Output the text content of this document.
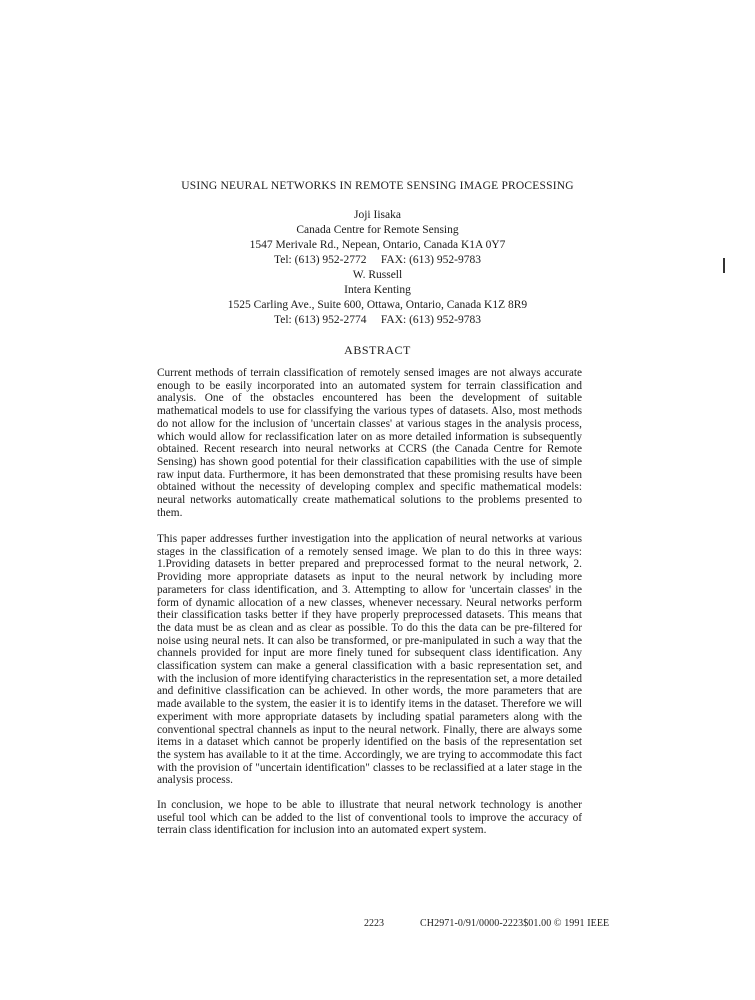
USING NEURAL NETWORKS IN REMOTE SENSING IMAGE PROCESSING
Joji Iisaka
Canada Centre for Remote Sensing
1547 Merivale Rd., Nepean, Ontario, Canada K1A 0Y7
Tel: (613) 952-2772     FAX: (613) 952-9783
W. Russell
Intera Kenting
1525 Carling Ave., Suite 600, Ottawa, Ontario, Canada K1Z 8R9
Tel: (613) 952-2774     FAX: (613) 952-9783
ABSTRACT

Current methods of terrain classification of remotely sensed images are not always accurate enough to be easily incorporated into an automated system for terrain classification and analysis. One of the obstacles encountered has been the development of suitable mathematical models to use for classifying the various types of datasets. Also, most methods do not allow for the inclusion of 'uncertain classes' at various stages in the analysis process, which would allow for reclassification later on as more detailed information is subsequently obtained. Recent research into neural networks at CCRS (the Canada Centre for Remote Sensing) has shown good potential for their classification capabilities with the use of simple raw input data. Furthermore, it has been demonstrated that these promising results have been obtained without the necessity of developing complex and specific mathematical models: neural networks automatically create mathematical solutions to the problems presented to them.

This paper addresses further investigation into the application of neural networks at various stages in the classification of a remotely sensed image. We plan to do this in three ways: 1.Providing datasets in better prepared and preprocessed format to the neural network, 2. Providing more appropriate datasets as input to the neural network by including more parameters for class identification, and 3. Attempting to allow for 'uncertain classes' in the form of dynamic allocation of a new classes, whenever necessary. Neural networks perform their classification tasks better if they have properly preprocessed datasets. This means that the data must be as clean and as clear as possible. To do this the data can be pre-filtered for noise using neural nets. It can also be transformed, or pre-manipulated in such a way that the channels provided for input are more finely tuned for subsequent class identification. Any classification system can make a general classification with a basic representation set, and with the inclusion of more identifying characteristics in the representation set, a more detailed and definitive classification can be achieved. In other words, the more parameters that are made available to the system, the easier it is to identify items in the dataset. Therefore we will experiment with more appropriate datasets by including spatial parameters along with the conventional spectral channels as input to the neural network. Finally, there are always some items in a dataset which cannot be properly identified on the basis of the representation set the system has available to it at the time. Accordingly, we are trying to accommodate this fact with the provision of "uncertain identification" classes to be reclassified at a later stage in the analysis process.

In conclusion, we hope to be able to illustrate that neural network technology is another useful tool which can be added to the list of conventional tools to improve the accuracy of terrain class identification for inclusion into an automated expert system.

2223	CH2971-0/91/0000-2223$01.00 © 1991 IEEE
